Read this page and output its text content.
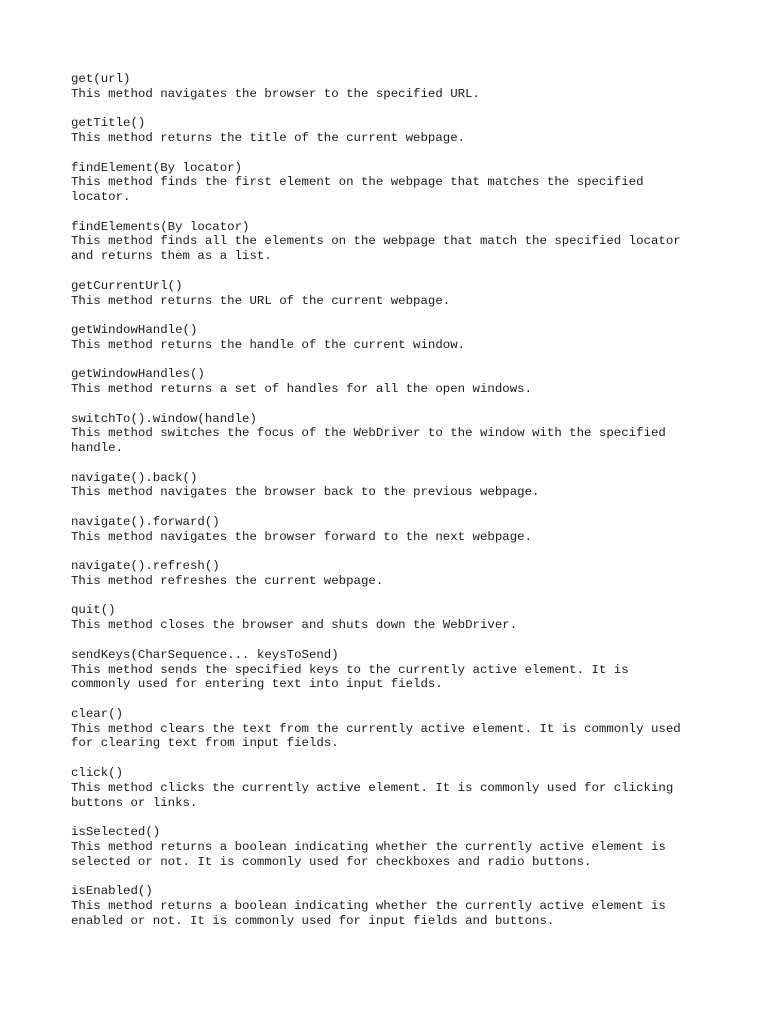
get(url)
This method navigates the browser to the specified URL.
getTitle()
This method returns the title of the current webpage.
findElement(By locator)
This method finds the first element on the webpage that matches the specified
locator.
findElements(By locator)
This method finds all the elements on the webpage that match the specified locator
and returns them as a list.
getCurrentUrl()
This method returns the URL of the current webpage.
getWindowHandle()
This method returns the handle of the current window.
getWindowHandles()
This method returns a set of handles for all the open windows.
switchTo().window(handle)
This method switches the focus of the WebDriver to the window with the specified
handle.
navigate().back()
This method navigates the browser back to the previous webpage.
navigate().forward()
This method navigates the browser forward to the next webpage.
navigate().refresh()
This method refreshes the current webpage.
quit()
This method closes the browser and shuts down the WebDriver.
sendKeys(CharSequence... keysToSend)
This method sends the specified keys to the currently active element. It is
commonly used for entering text into input fields.
clear()
This method clears the text from the currently active element. It is commonly used
for clearing text from input fields.
click()
This method clicks the currently active element. It is commonly used for clicking
buttons or links.
isSelected()
This method returns a boolean indicating whether the currently active element is
selected or not. It is commonly used for checkboxes and radio buttons.
isEnabled()
This method returns a boolean indicating whether the currently active element is
enabled or not. It is commonly used for input fields and buttons.
